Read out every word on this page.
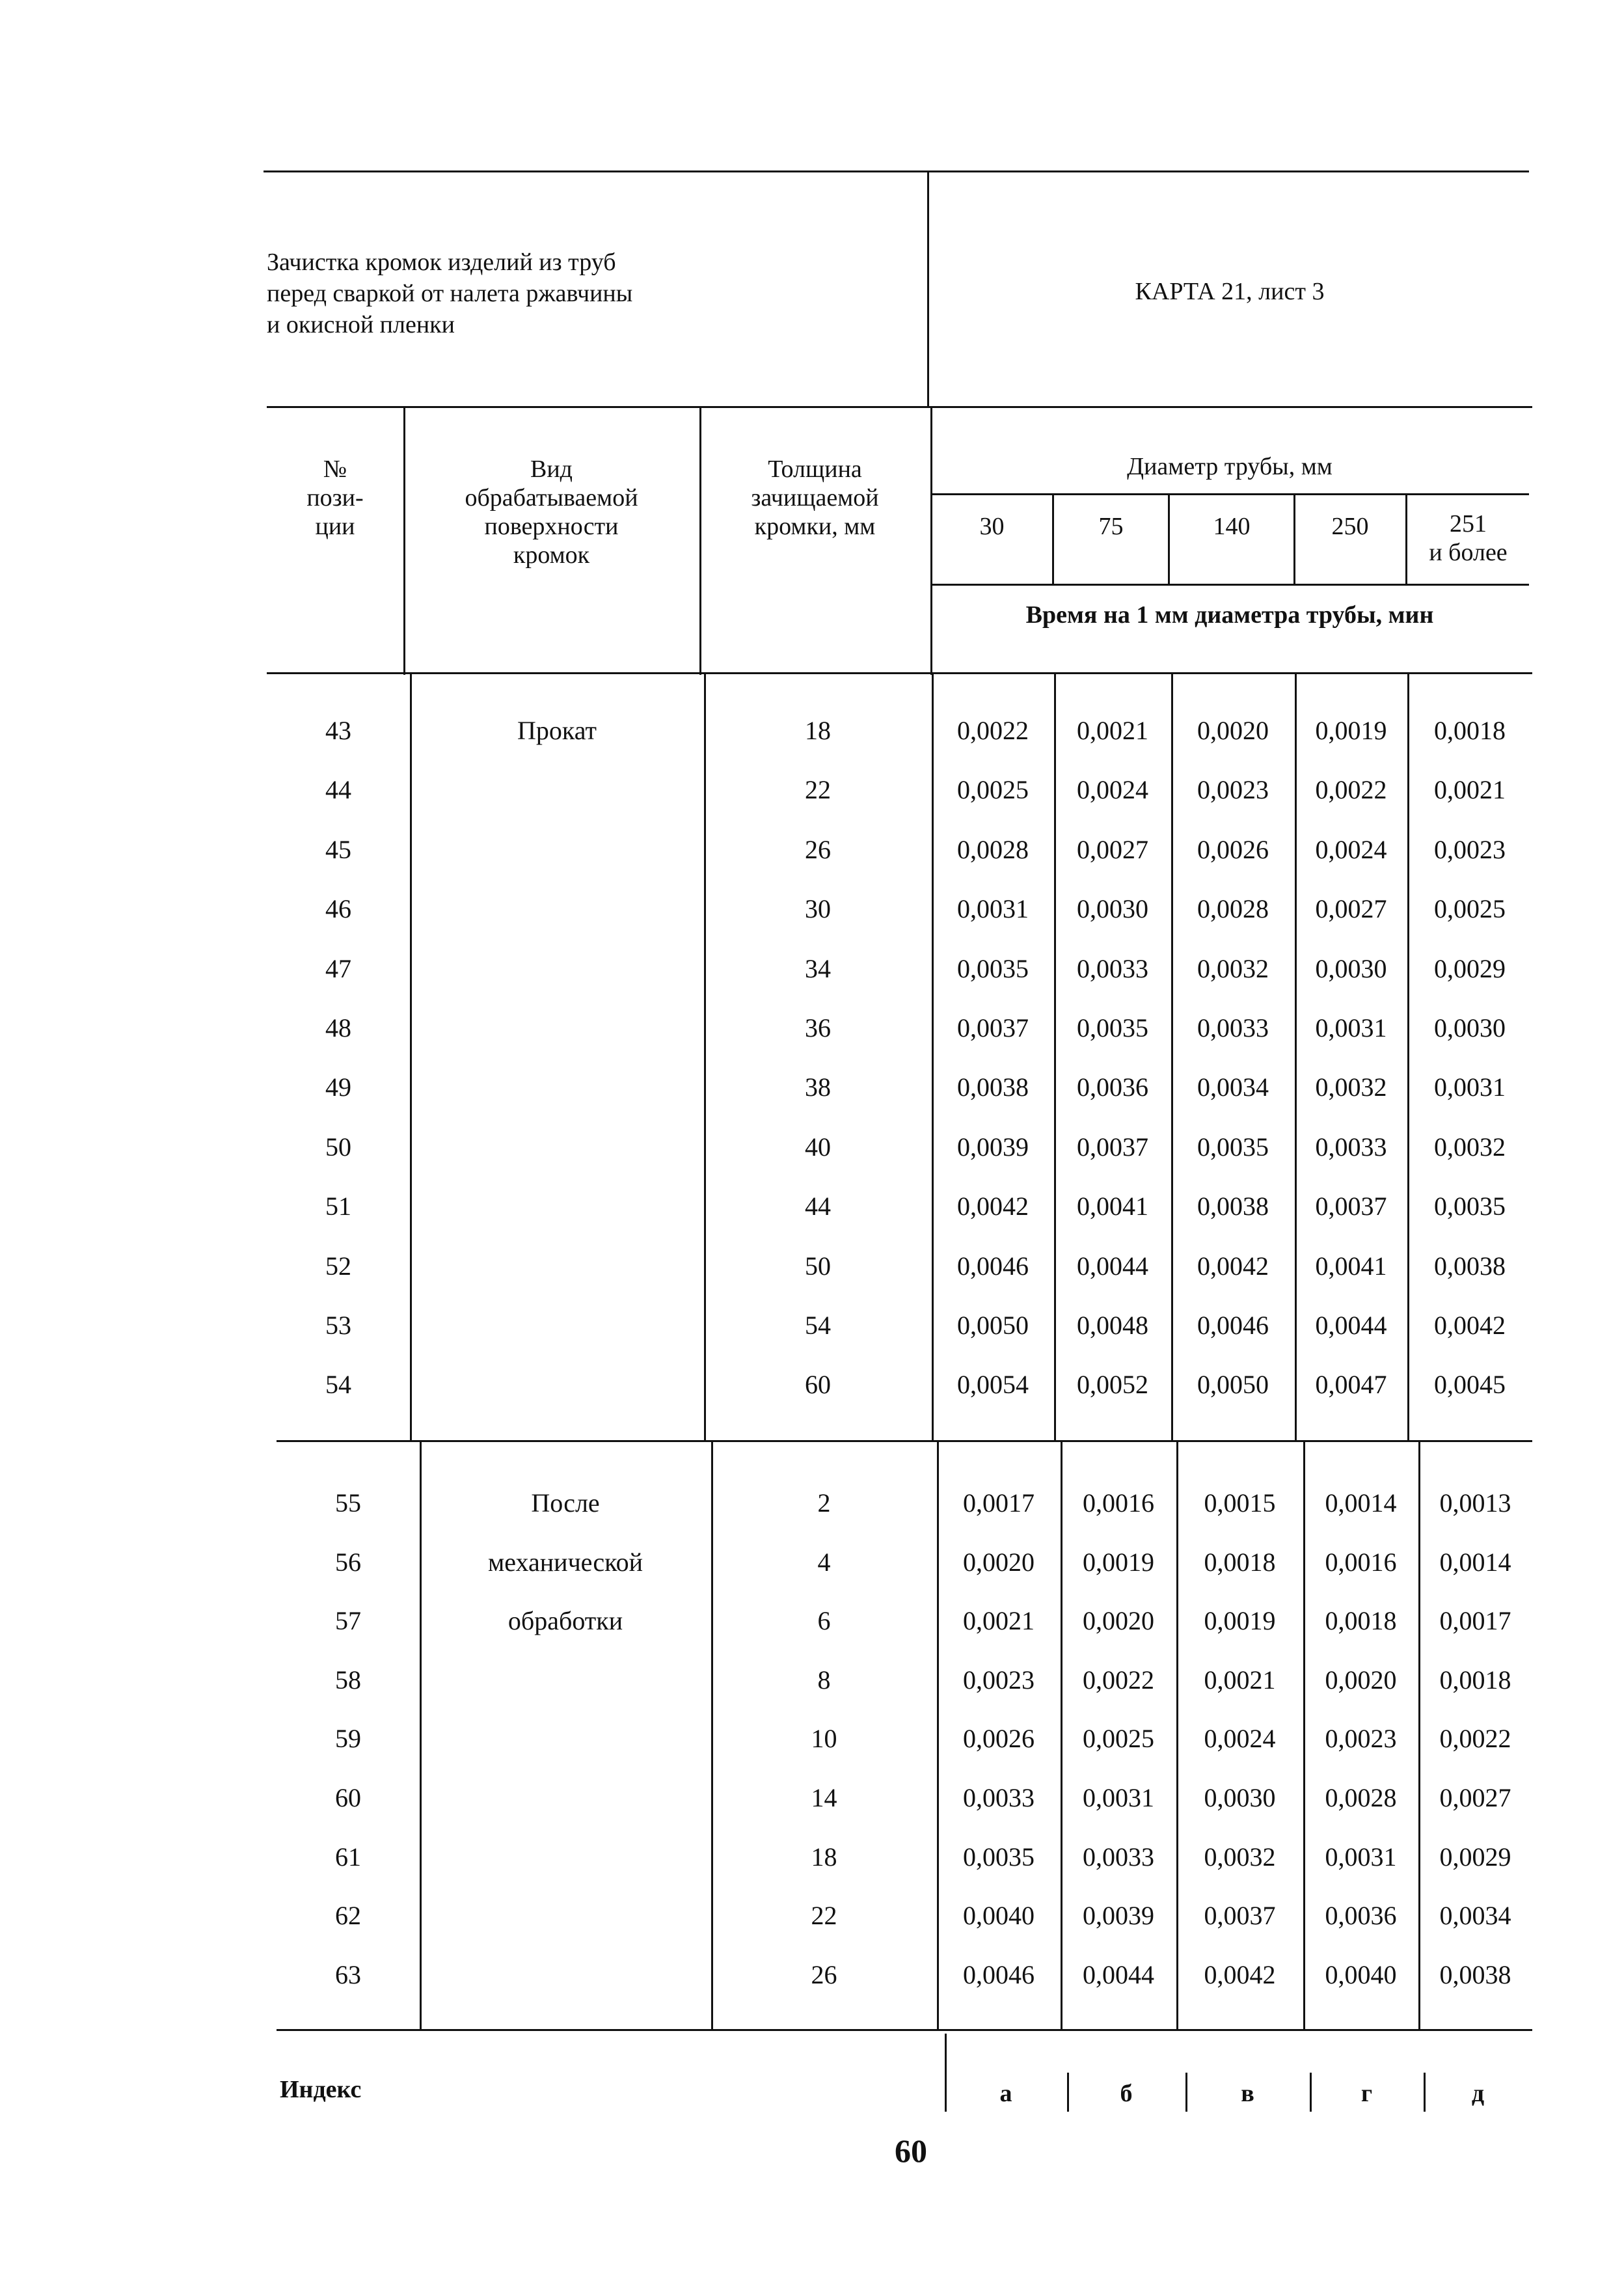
Зачистка кромок изделий из труб
перед сваркой от налета ржавчины
и окисной пленки
КАРТА 21, лист 3
№
пози-
ции
Вид
обрабатываемой
поверхности
кромок
Толщина
зачищаемой
кромки, мм
Диаметр трубы, мм
30	75	140	250	251
и более
Время на 1 мм диаметра трубы, мин
Прокат
43	18	0,0022	0,0021	0,0020	0,0019	0,0018
44	22	0,0025	0,0024	0,0023	0,0022	0,0021
45	26	0,0028	0,0027	0,0026	0,0024	0,0023
46	30	0,0031	0,0030	0,0028	0,0027	0,0025
47	34	0,0035	0,0033	0,0032	0,0030	0,0029
48	36	0,0037	0,0035	0,0033	0,0031	0,0030
49	38	0,0038	0,0036	0,0034	0,0032	0,0031
50	40	0,0039	0,0037	0,0035	0,0033	0,0032
51	44	0,0042	0,0041	0,0038	0,0037	0,0035
52	50	0,0046	0,0044	0,0042	0,0041	0,0038
53	54	0,0050	0,0048	0,0046	0,0044	0,0042
54	60	0,0054	0,0052	0,0050	0,0047	0,0045
После
механической
обработки
55	2	0,0017	0,0016	0,0015	0,0014	0,0013
56	4	0,0020	0,0019	0,0018	0,0016	0,0014
57	6	0,0021	0,0020	0,0019	0,0018	0,0017
58	8	0,0023	0,0022	0,0021	0,0020	0,0018
59	10	0,0026	0,0025	0,0024	0,0023	0,0022
60	14	0,0033	0,0031	0,0030	0,0028	0,0027
61	18	0,0035	0,0033	0,0032	0,0031	0,0029
62	22	0,0040	0,0039	0,0037	0,0036	0,0034
63	26	0,0046	0,0044	0,0042	0,0040	0,0038
Индекс	а	б	в	г	д
60
